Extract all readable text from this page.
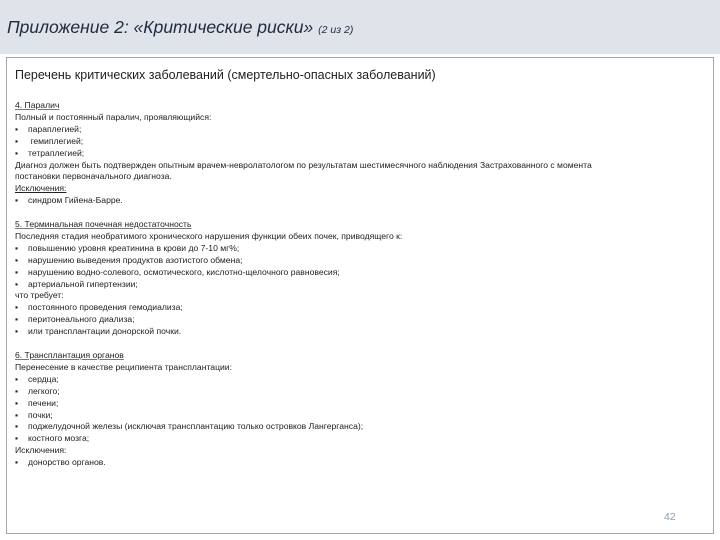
Приложение 2: «Критические риски» (2 из 2)
Перечень критических заболеваний (смертельно-опасных заболеваний)
4. Паралич
Полный и постоянный паралич, проявляющийся:
▪	параплегией;
▪	гемиплегией;
▪	тетраплегией;
Диагноз должен быть подтвержден опытным врачем-невролатологом по результатам шестимесячного наблюдения Застрахованного с момента
постановки первоначального диагноза.
Исключения:
▪	синдром Гийена-Барре.
5. Терминальная почечная недостаточность
Последняя стадия необратимого хронического нарушения функции обеих почек, приводящего к:
▪	повышению уровня креатинина в крови до 7-10 мг%;
▪	нарушению выведения продуктов азотистого обмена;
▪	нарушению водно-солевого, осмотического, кислотно-щелочного равновесия;
▪	артериальной гипертензии;
что требует:
▪	постоянного проведения гемодиализа;
▪	перитонеального диализа;
▪	или трансплантации донорской почки.
6. Трансплантация органов
Перенесение в качестве реципиента трансплантации:
▪	сердца;
▪	легкого;
▪	печени;
▪	почки;
▪	поджелудочной железы (исключая трансплантацию только островков Лангерганса);
▪	костного мозга;
Исключения:
▪	донорство органов.
42
